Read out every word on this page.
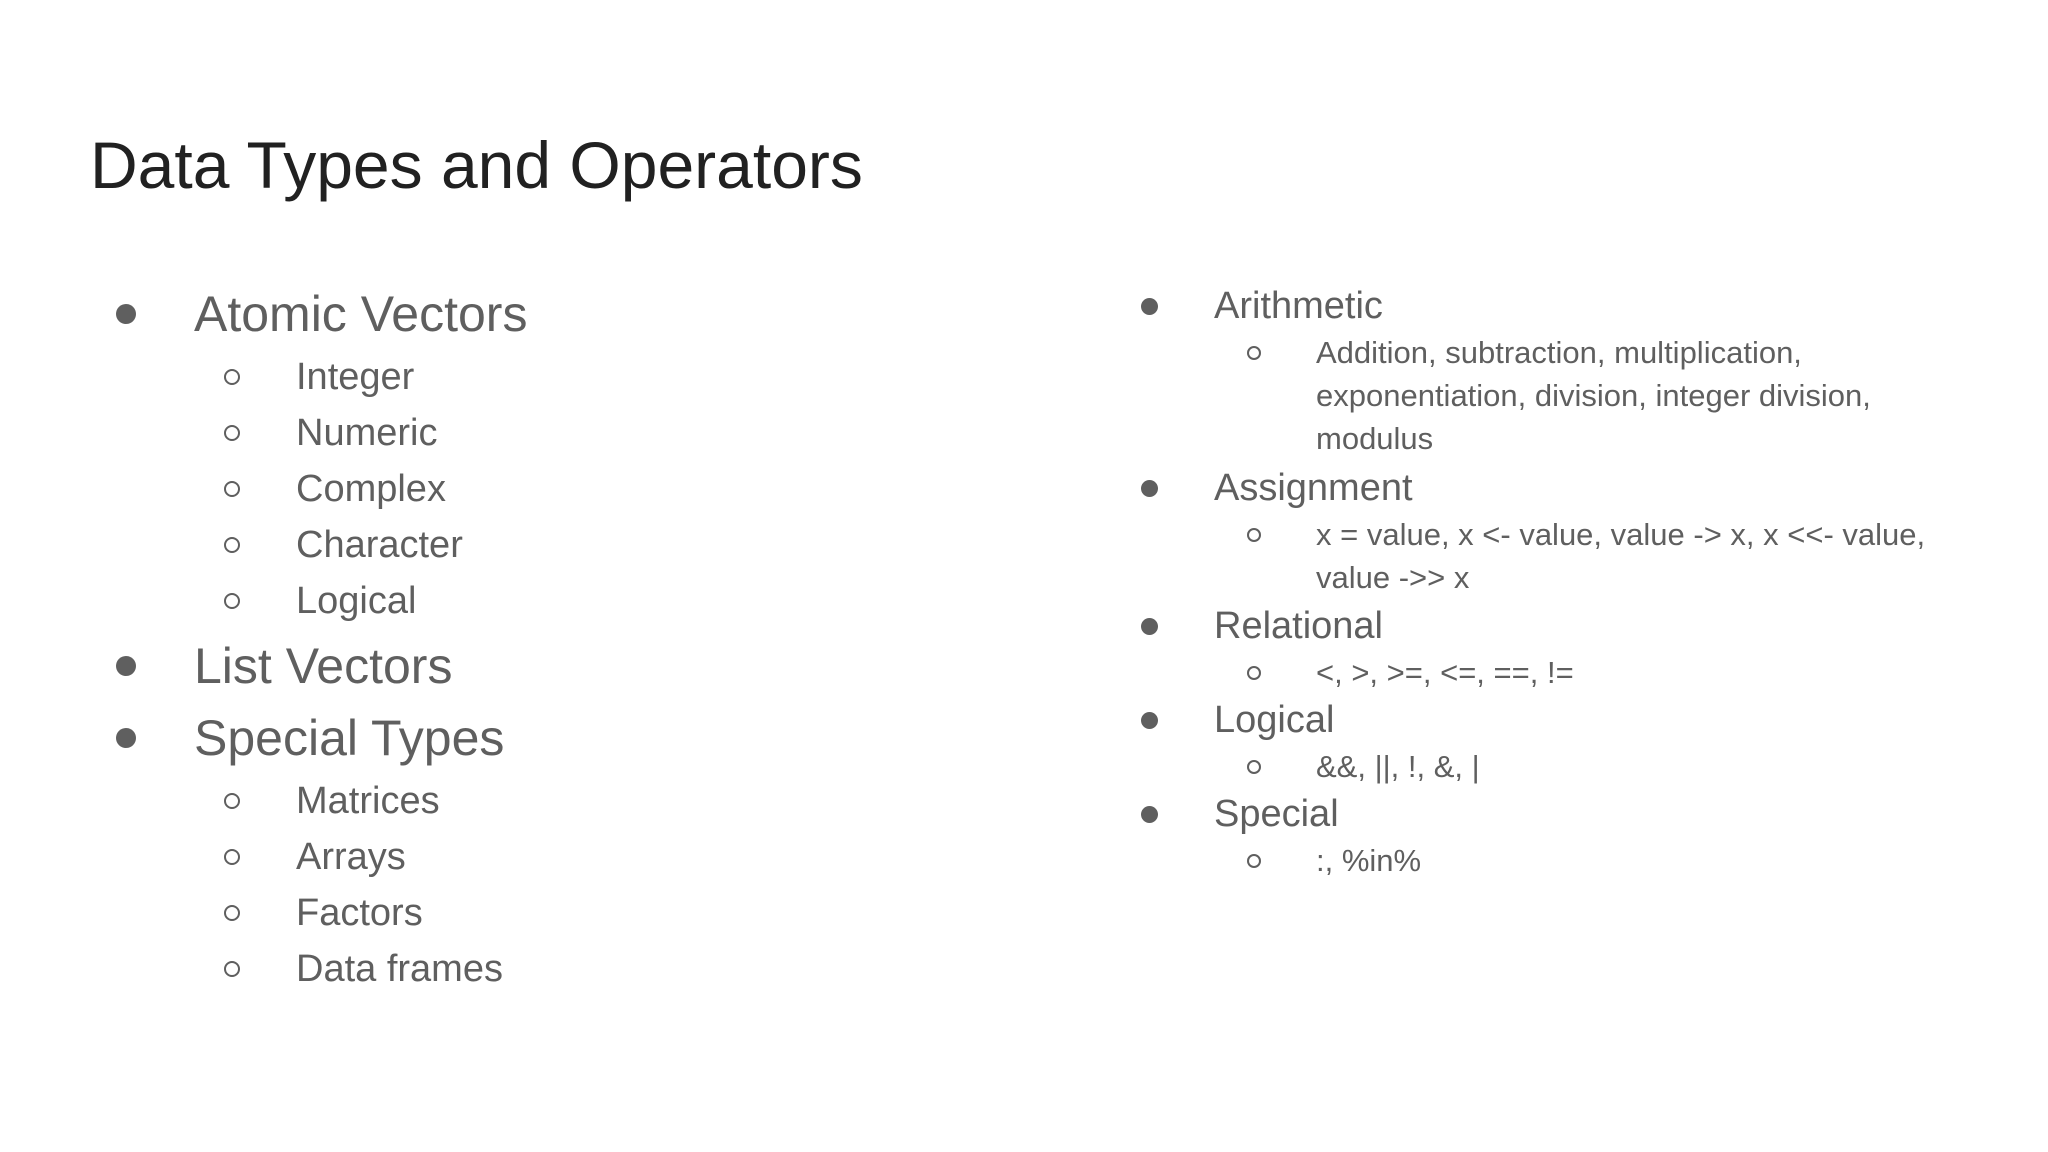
Data Types and Operators
Atomic Vectors
Integer
Numeric
Complex
Character
Logical
List Vectors
Special Types
Matrices
Arrays
Factors
Data frames
Arithmetic
Addition, subtraction, multiplication, exponentiation, division, integer division, modulus
Assignment
x = value, x <- value, value -> x, x <<- value, value ->> x
Relational
<, >, >=, <=, ==, !=
Logical
&&, ||, !, &, |
Special
:, %in%
